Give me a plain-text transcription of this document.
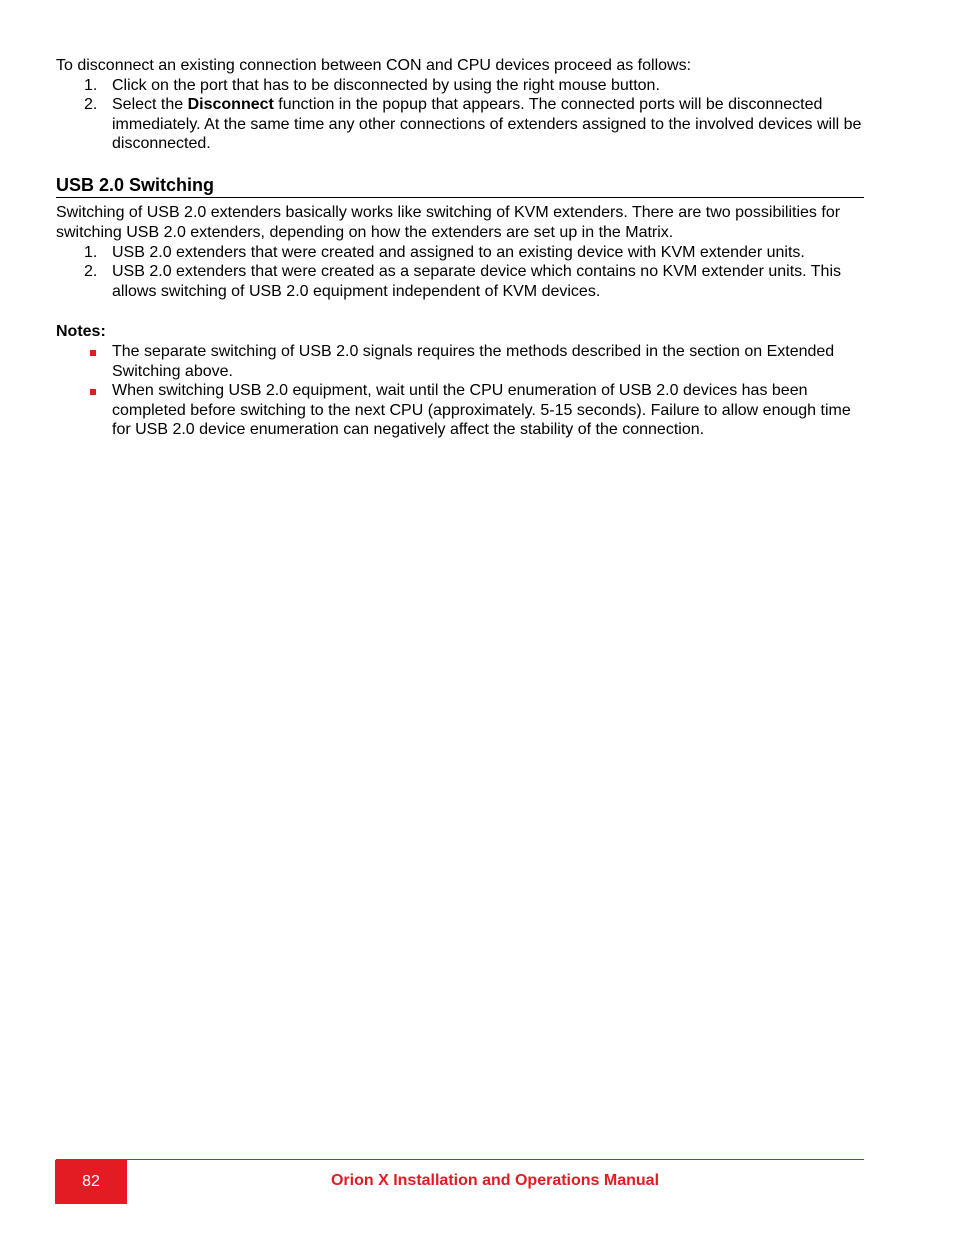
To disconnect an existing connection between CON and CPU devices proceed as follows:

1. Click on the port that has to be disconnected by using the right mouse button.
2. Select the Disconnect function in the popup that appears. The connected ports will be disconnected immediately. At the same time any other connections of extenders assigned to the involved devices will be disconnected.
USB 2.0 Switching

Switching of USB 2.0 extenders basically works like switching of KVM extenders. There are two possibilities for switching USB 2.0 extenders, depending on how the extenders are set up in the Matrix.

1. USB 2.0 extenders that were created and assigned to an existing device with KVM extender units.
2. USB 2.0 extenders that were created as a separate device which contains no KVM extender units. This allows switching of USB 2.0 equipment independent of KVM devices.

Notes:

The separate switching of USB 2.0 signals requires the methods described in the section on Extended Switching above.
When switching USB 2.0 equipment, wait until the CPU enumeration of USB 2.0 devices has been completed before switching to the next CPU (approximately. 5-15 seconds). Failure to allow enough time for USB 2.0 device enumeration can negatively affect the stability of the connection.
82	Orion X Installation and Operations Manual
